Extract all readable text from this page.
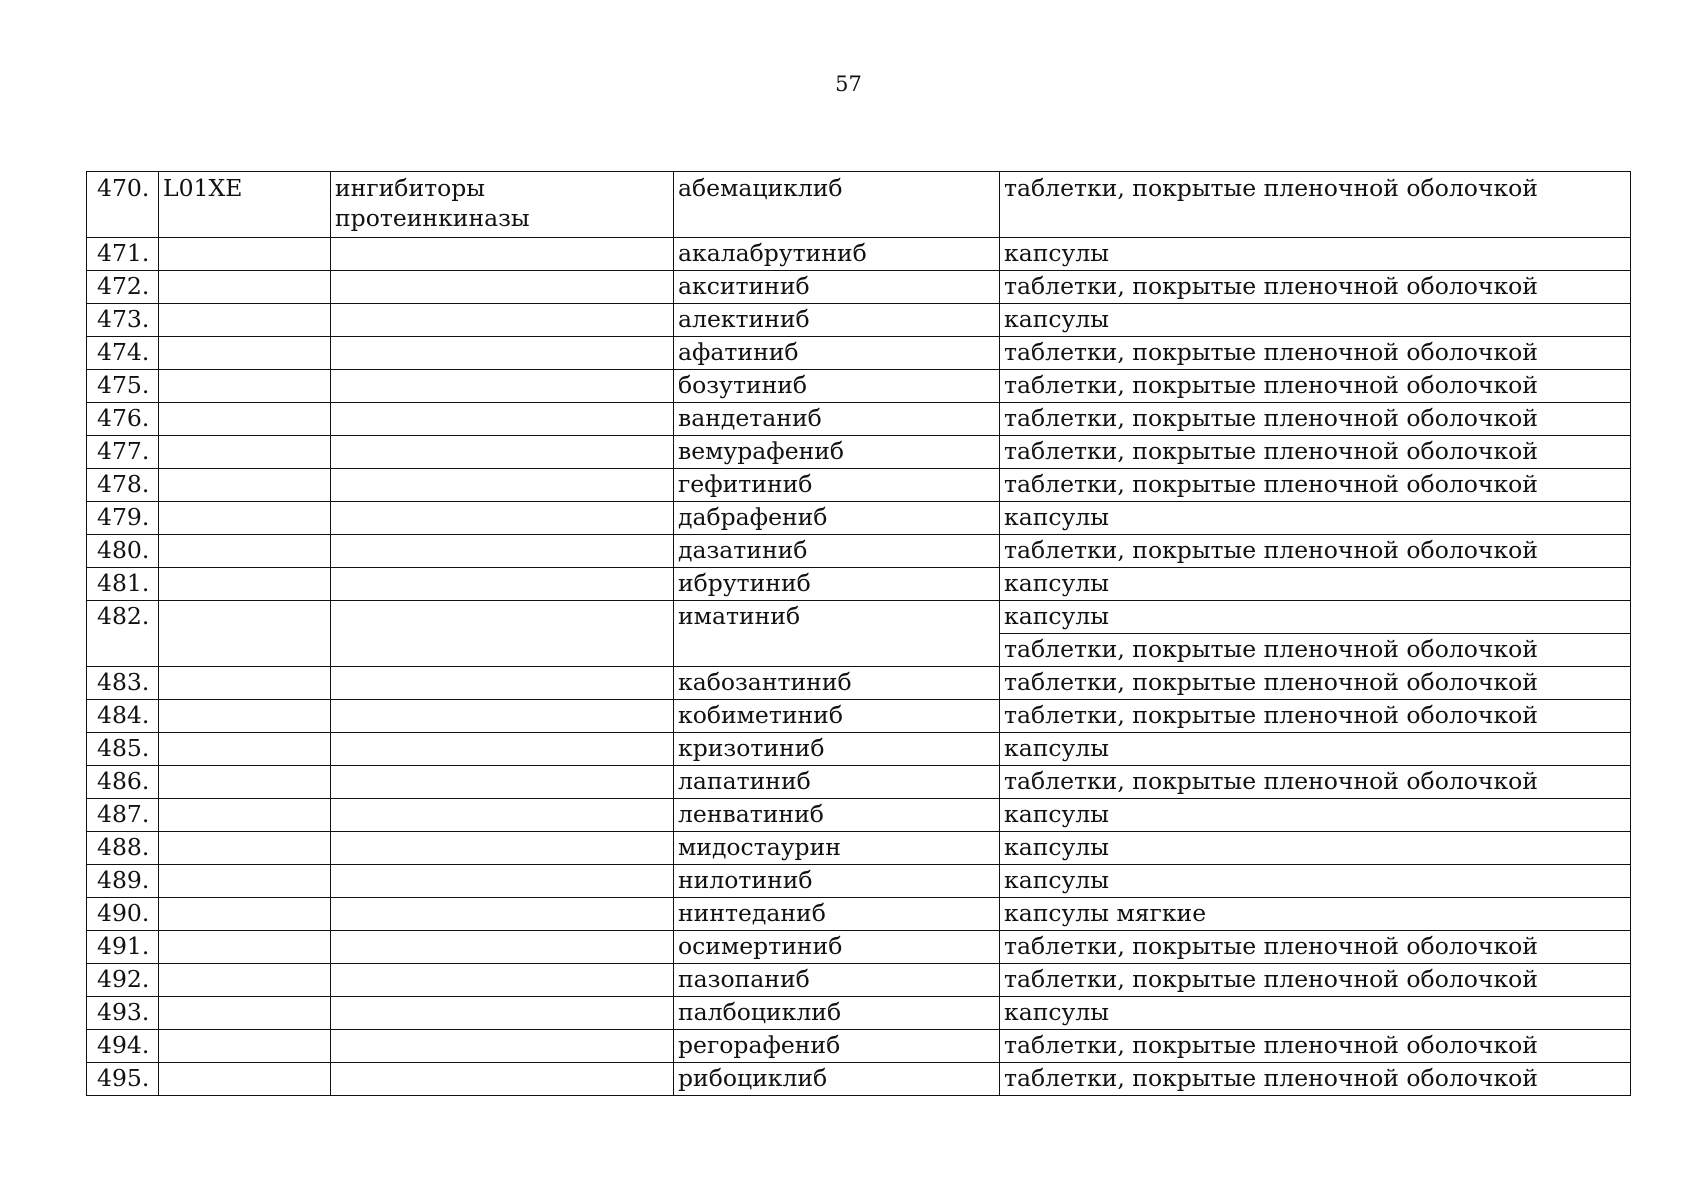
57
470.	L01XE	ингибиторы протеинкиназы	абемациклиб	таблетки, покрытые пленочной оболочкой
471.			акалабрутиниб	капсулы
472.			акситиниб	таблетки, покрытые пленочной оболочкой
473.			алектиниб	капсулы
474.			афатиниб	таблетки, покрытые пленочной оболочкой
475.			бозутиниб	таблетки, покрытые пленочной оболочкой
476.			вандетаниб	таблетки, покрытые пленочной оболочкой
477.			вемурафениб	таблетки, покрытые пленочной оболочкой
478.			гефитиниб	таблетки, покрытые пленочной оболочкой
479.			дабрафениб	капсулы
480.			дазатиниб	таблетки, покрытые пленочной оболочкой
481.			ибрутиниб	капсулы
482.			иматиниб	капсулы
				таблетки, покрытые пленочной оболочкой
483.			кабозантиниб	таблетки, покрытые пленочной оболочкой
484.			кобиметиниб	таблетки, покрытые пленочной оболочкой
485.			кризотиниб	капсулы
486.			лапатиниб	таблетки, покрытые пленочной оболочкой
487.			ленватиниб	капсулы
488.			мидостаурин	капсулы
489.			нилотиниб	капсулы
490.			нинтеданиб	капсулы мягкие
491.			осимертиниб	таблетки, покрытые пленочной оболочкой
492.			пазопаниб	таблетки, покрытые пленочной оболочкой
493.			палбоциклиб	капсулы
494.			регорафениб	таблетки, покрытые пленочной оболочкой
495.			рибоциклиб	таблетки, покрытые пленочной оболочкой
